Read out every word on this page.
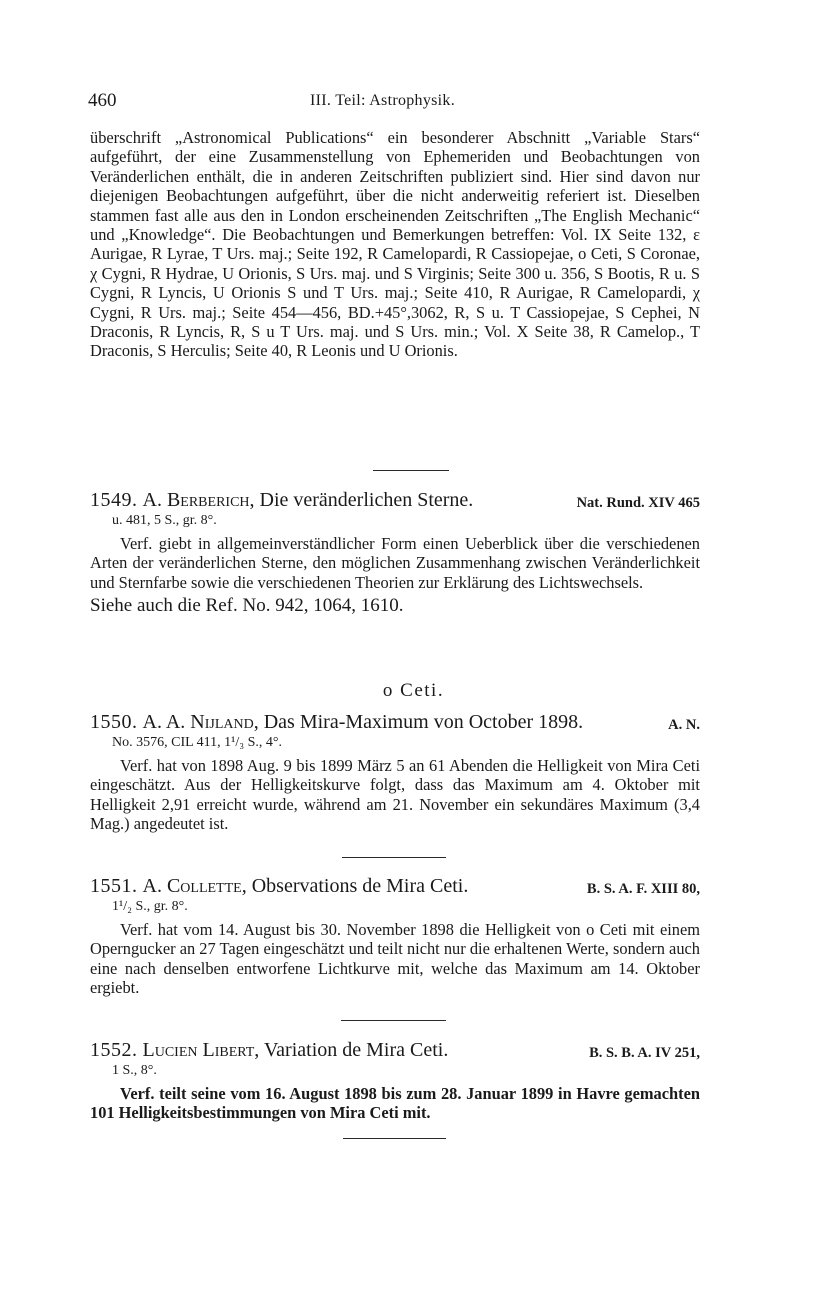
460	III. Teil: Astrophysik.

überschrift „Astronomical Publications“ ein besonderer Abschnitt „Variable Stars“ aufgeführt, der eine Zusammenstellung von Ephemeriden und Beobachtungen von Veränderlichen enthält, die in anderen Zeitschriften publiziert sind. Hier sind davon nur diejenigen Beobachtungen aufgeführt, über die nicht anderweitig referiert ist. Dieselben stammen fast alle aus den in London erscheinenden Zeitschriften „The English Mechanic“ und „Knowledge“. Die Beobachtungen und Bemerkungen betreffen: Vol. IX Seite 132, ε Aurigae, R Lyrae, T Urs. maj.; Seite 192, R Camelopardi, R Cassiopejae, o Ceti, S Coronae, χ Cygni, R Hydrae, U Orionis, S Urs. maj. und S Virginis; Seite 300 u. 356, S Bootis, R u. S Cygni, R Lyncis, U Orionis S und T Urs. maj.; Seite 410, R Aurigae, R Camelopardi, χ Cygni, R Urs. maj.; Seite 454—456, BD.+45°,3062, R, S u. T Cassiopejae, S Cephei, N Draconis, R Lyncis, R, S u T Urs. maj. und S Urs. min.; Vol. X Seite 38, R Camelop., T Draconis, S Herculis; Seite 40, R Leonis und U Orionis.

1549. A. Berberich, Die veränderlichen Sterne.	Nat. Rund. XIV 465

u. 481, 5 S., gr. 8°.

Verf. giebt in allgemeinverständlicher Form einen Ueberblick über die verschiedenen Arten der veränderlichen Sterne, den möglichen Zusammenhang zwischen Veränderlichkeit und Sternfarbe sowie die verschiedenen Theorien zur Erklärung des Lichtswechsels.

Siehe auch die Ref. No. 942, 1064, 1610.

o Ceti.
1550. A. A. Nijland, Das Mira-Maximum von October 1898.	A. N.

No. 3576, CIL 411, 1¹/₃ S., 4°.

Verf. hat von 1898 Aug. 9 bis 1899 März 5 an 61 Abenden die Helligkeit von Mira Ceti eingeschätzt. Aus der Helligkeitskurve folgt, dass das Maximum am 4. Oktober mit Helligkeit 2,91 erreicht wurde, während am 21. November ein sekundäres Maximum (3,4 Mag.) angedeutet ist.

1551. A. Collette, Observations de Mira Ceti.	B. S. A. F. XIII 80,

1¹/₂ S., gr. 8°.

Verf. hat vom 14. August bis 30. November 1898 die Helligkeit von o Ceti mit einem Operngucker an 27 Tagen eingeschätzt und teilt nicht nur die erhaltenen Werte, sondern auch eine nach denselben entworfene Lichtkurve mit, welche das Maximum am 14. Oktober ergiebt.

1552. Lucien Libert, Variation de Mira Ceti.	B. S. B. A. IV 251,

1 S., 8°.

Verf. teilt seine vom 16. August 1898 bis zum 28. Januar 1899 in Havre gemachten 101 Helligkeitsbestimmungen von Mira Ceti mit.
